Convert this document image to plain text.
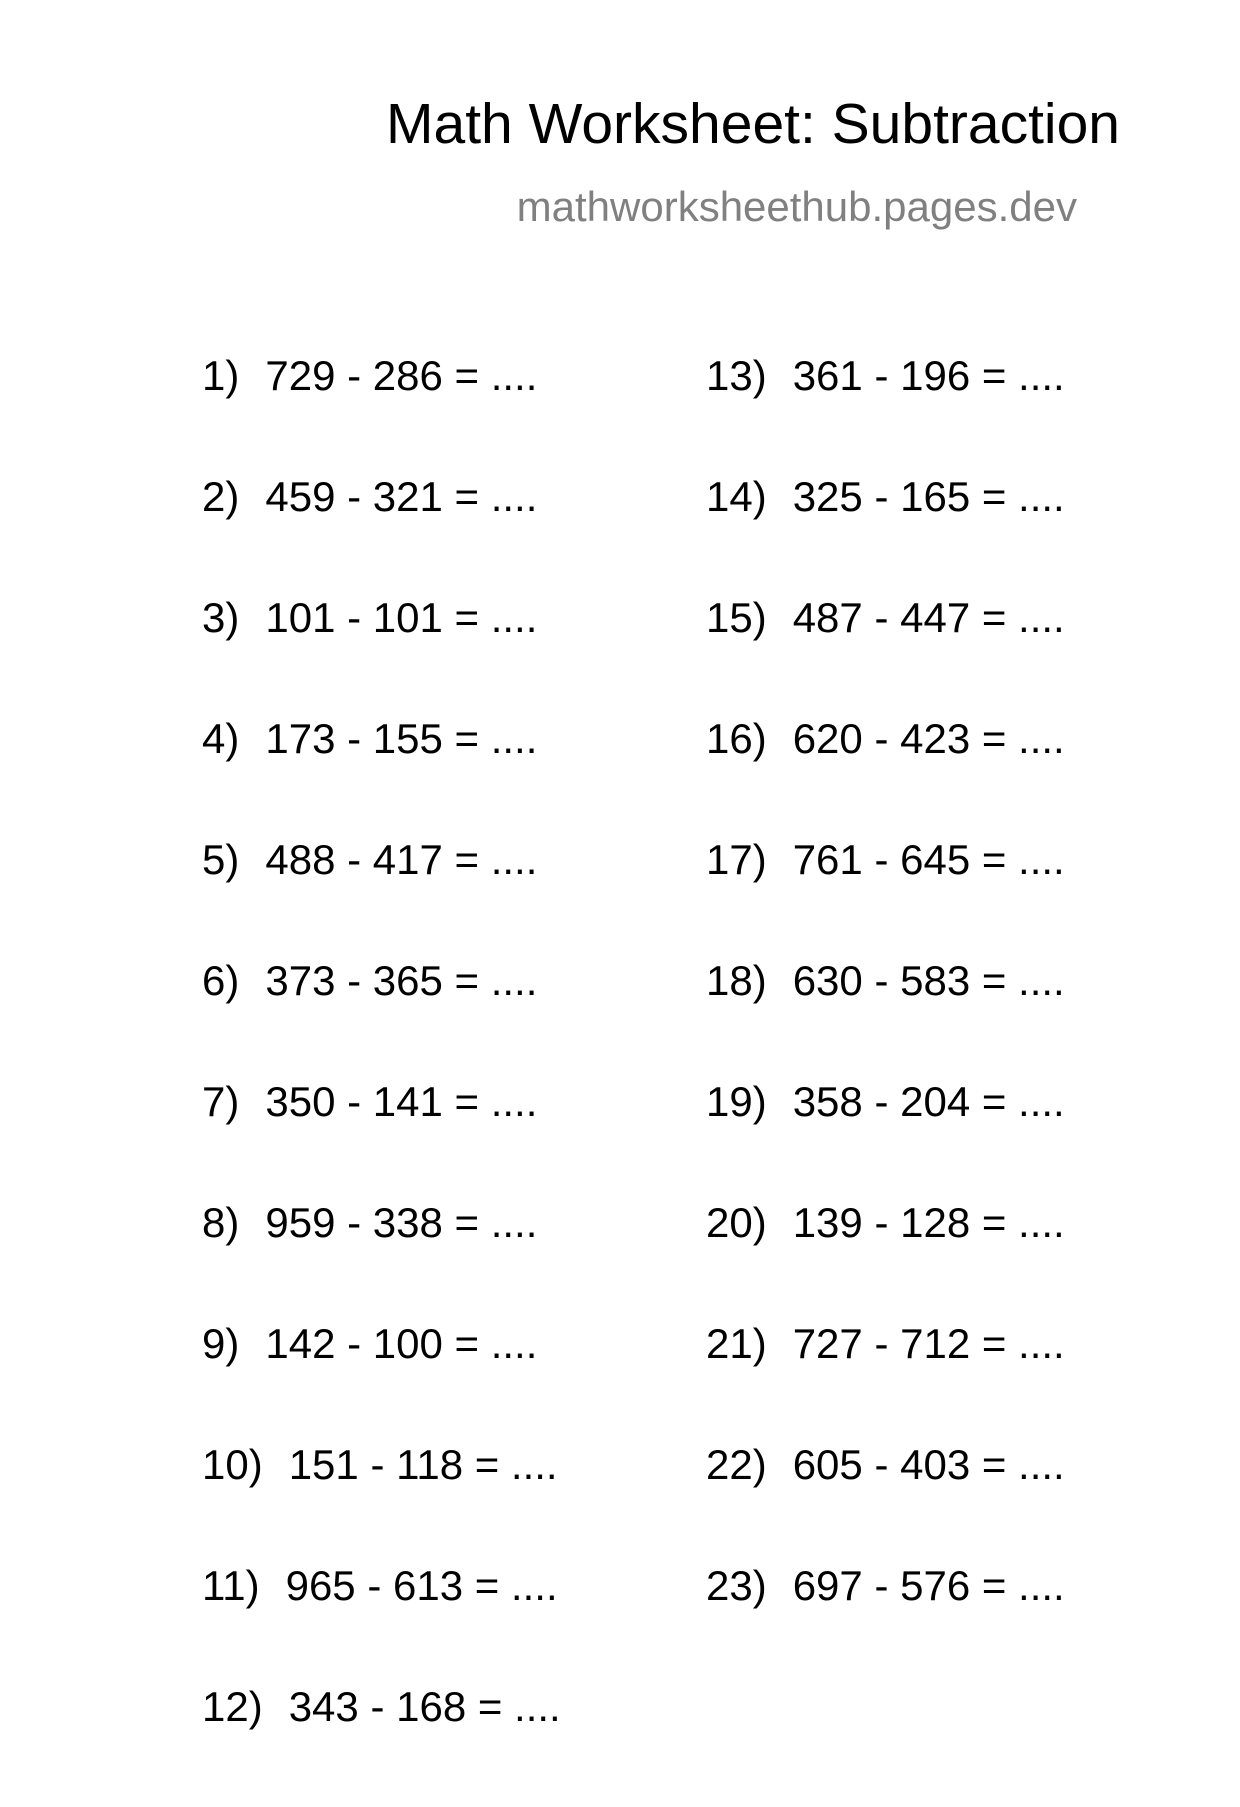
Math Worksheet: Subtraction
mathworksheethub.pages.dev
1) 729 - 286 = ....
2) 459 - 321 = ....
3) 101 - 101 = ....
4) 173 - 155 = ....
5) 488 - 417 = ....
6) 373 - 365 = ....
7) 350 - 141 = ....
8) 959 - 338 = ....
9) 142 - 100 = ....
10) 151 - 118 = ....
11) 965 - 613 = ....
12) 343 - 168 = ....
13) 361 - 196 = ....
14) 325 - 165 = ....
15) 487 - 447 = ....
16) 620 - 423 = ....
17) 761 - 645 = ....
18) 630 - 583 = ....
19) 358 - 204 = ....
20) 139 - 128 = ....
21) 727 - 712 = ....
22) 605 - 403 = ....
23) 697 - 576 = ....
